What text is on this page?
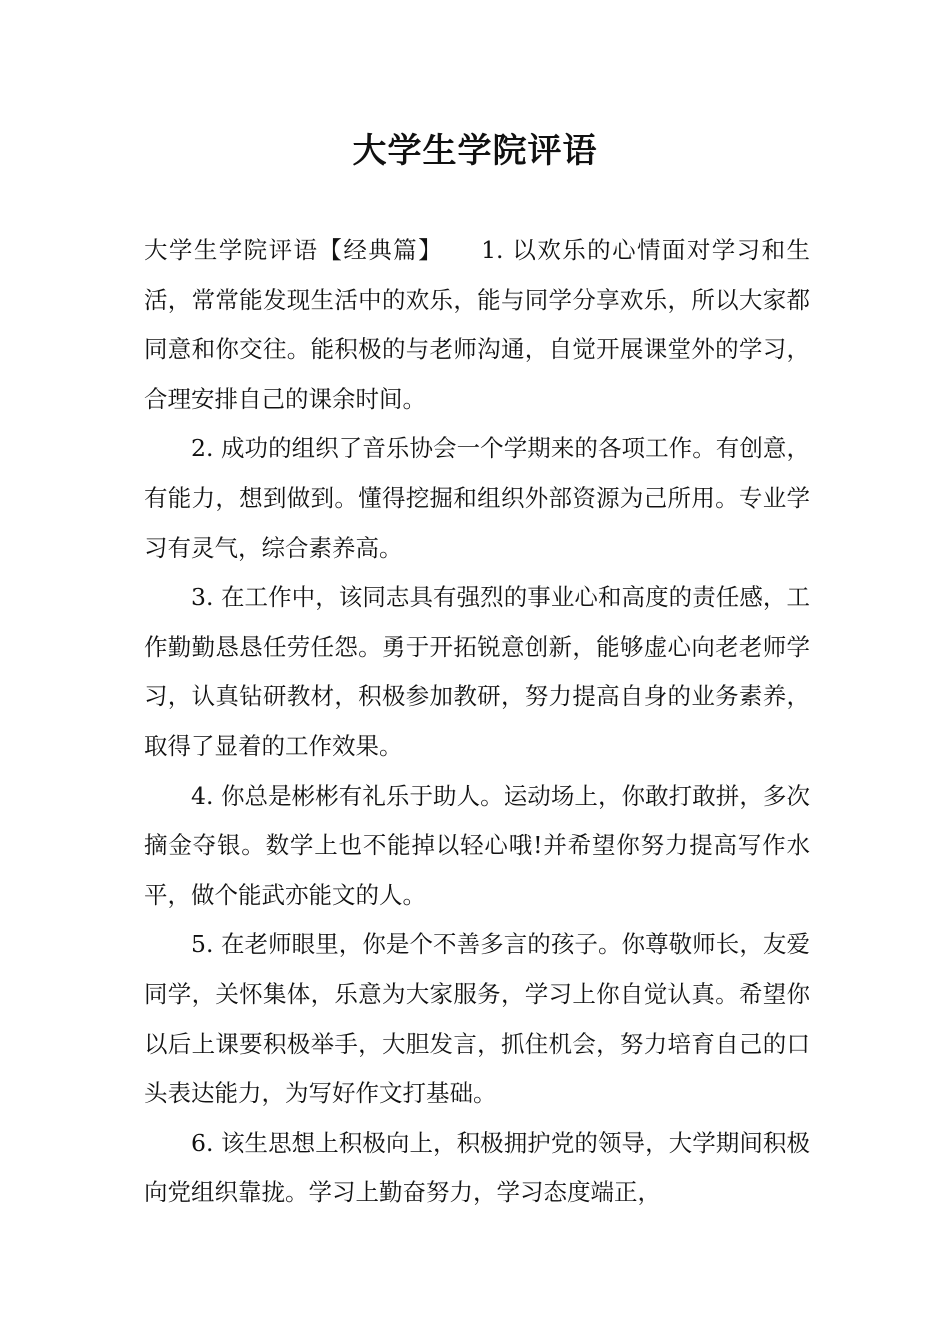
大学生学院评语

大学生学院评语【经典篇】　　 1. 以欢乐的心情面对学习和生活，常常能发现生活中的欢乐，能与同学分享欢乐，所以大家都同意和你交往。能积极的与老师沟通，自觉开展课堂外的学习，合理安排自己的课余时间。

2. 成功的组织了音乐协会一个学期来的各项工作。有创意，有能力，想到做到。懂得挖掘和组织外部资源为己所用。专业学习有灵气，综合素养高。

3. 在工作中，该同志具有强烈的事业心和高度的责任感，工作勤勤恳恳任劳任怨。勇于开拓锐意创新，能够虚心向老老师学习，认真钻研教材，积极参加教研，努力提高自身的业务素养，取得了显着的工作效果。

4. 你总是彬彬有礼乐于助人。运动场上，你敢打敢拼，多次摘金夺银。数学上也不能掉以轻心哦!并希望你努力提高写作水平，做个能武亦能文的人。

5. 在老师眼里，你是个不善多言的孩子。你尊敬师长，友爱同学，关怀集体，乐意为大家服务，学习上你自觉认真。希望你以后上课要积极举手，大胆发言，抓住机会，努力培育自己的口头表达能力，为写好作文打基础。

6. 该生思想上积极向上，积极拥护党的领导，大学期间积极向党组织靠拢。学习上勤奋努力，学习态度端正，
